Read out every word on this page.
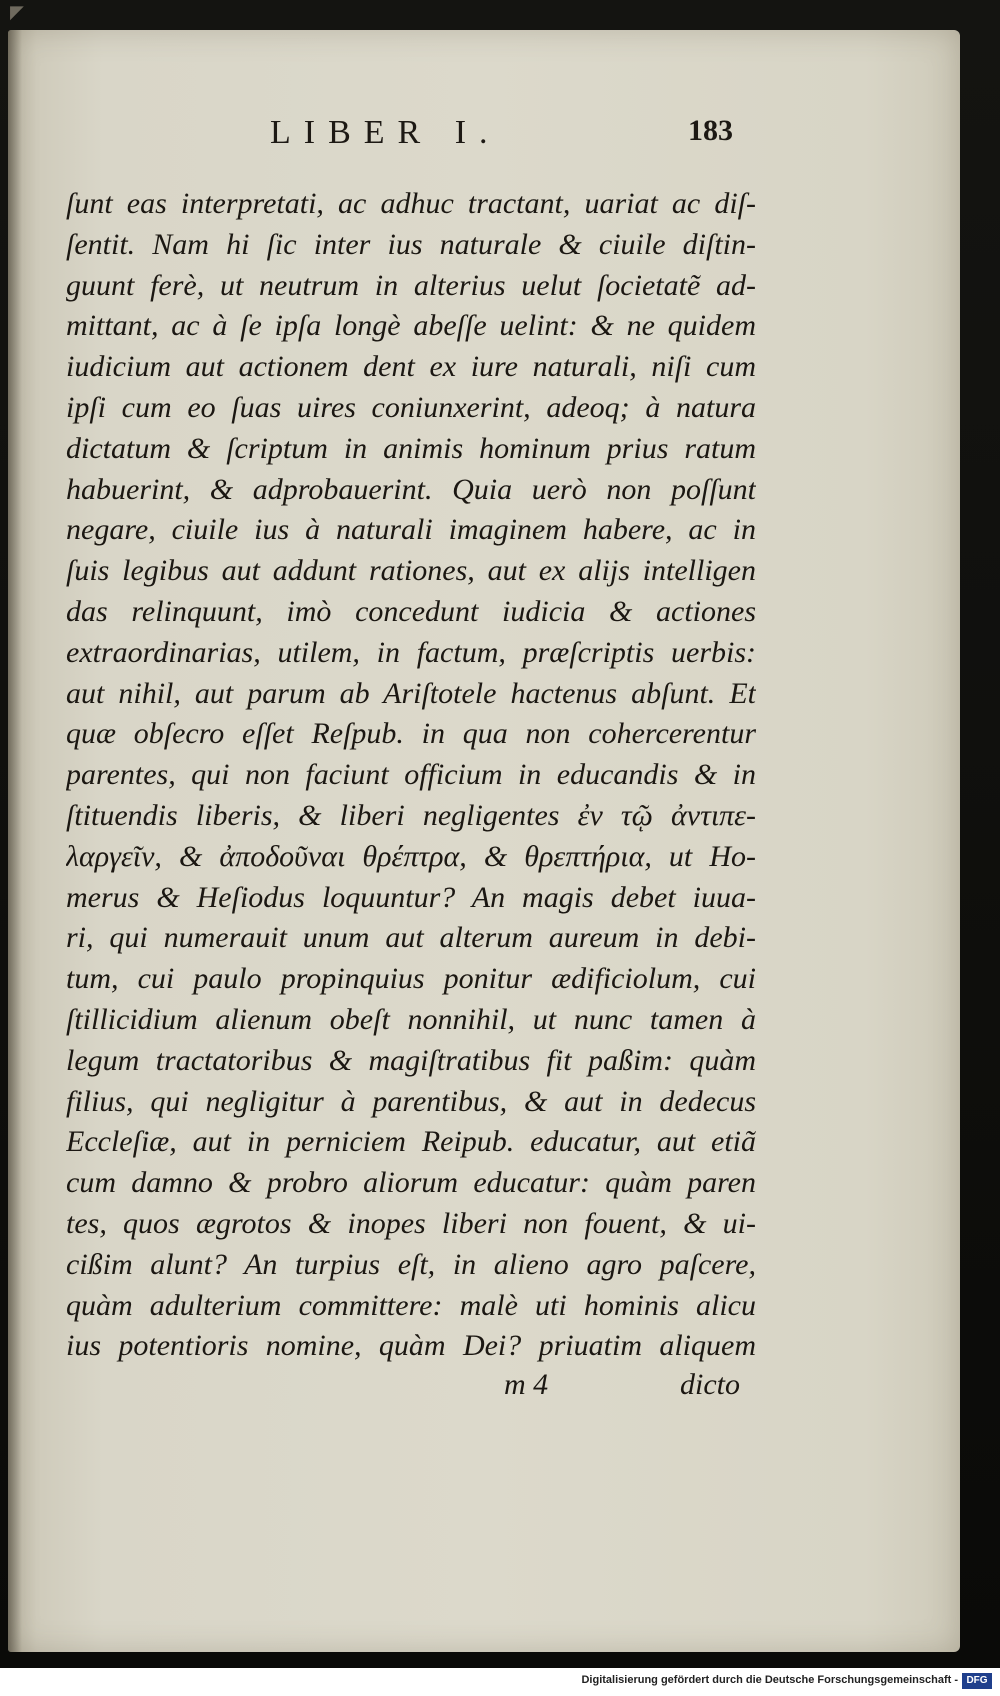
◤
LIBER I.	183
ſunt eas interpretati, ac adhuc tractant, uariat ac diſ-
ſentit. Nam hi ſic inter ius naturale & ciuile diſtin-
guunt ferè, ut neutrum in alterius uelut ſocietatẽ ad-
mittant, ac à ſe ipſa longè abeſſe uelint: & ne quidem
iudicium aut actionem dent ex iure naturali, niſi cum
ipſi cum eo ſuas uires coniunxerint, adeoq; à natura
dictatum & ſcriptum in animis hominum prius ratum
habuerint, & adprobauerint. Quia uerò non poſſunt
negare, ciuile ius à naturali imaginem habere, ac in
ſuis legibus aut addunt rationes, aut ex alijs intelligen
das relinquunt, imò concedunt iudicia & actiones
extraordinarias, utilem, in factum, præſcriptis uerbis:
aut nihil, aut parum ab Ariſtotele hactenus abſunt. Et
quæ obſecro eſſet Reſpub. in qua non cohercerentur
parentes, qui non faciunt officium in educandis & in
ſtituendis liberis, & liberi negligentes ἐν τῷ ἀντιπε-
λαργεῖν, & ἀποδοῦναι θρέπτρα, & θρεπτήρια, ut Ho-
merus & Heſiodus loquuntur? An magis debet iuua-
ri, qui numerauit unum aut alterum aureum in debi-
tum, cui paulo propinquius ponitur ædificiolum, cui
ſtillicidium alienum obeſt nonnihil, ut nunc tamen à
legum tractatoribus & magiſtratibus fit paßim: quàm
filius, qui negligitur à parentibus, & aut in dedecus
Eccleſiæ, aut in perniciem Reipub. educatur, aut etiã
cum damno & probro aliorum educatur: quàm paren
tes, quos ægrotos & inopes liberi non fouent, & ui-
cißim alunt? An turpius eſt, in alieno agro paſcere,
quàm adulterium committere: malè uti hominis alicu
ius potentioris nomine, quàm Dei? priuatim aliquem
m 4	dicto
Digitalisierung gefördert durch die Deutsche Forschungsgemeinschaft - DFG
